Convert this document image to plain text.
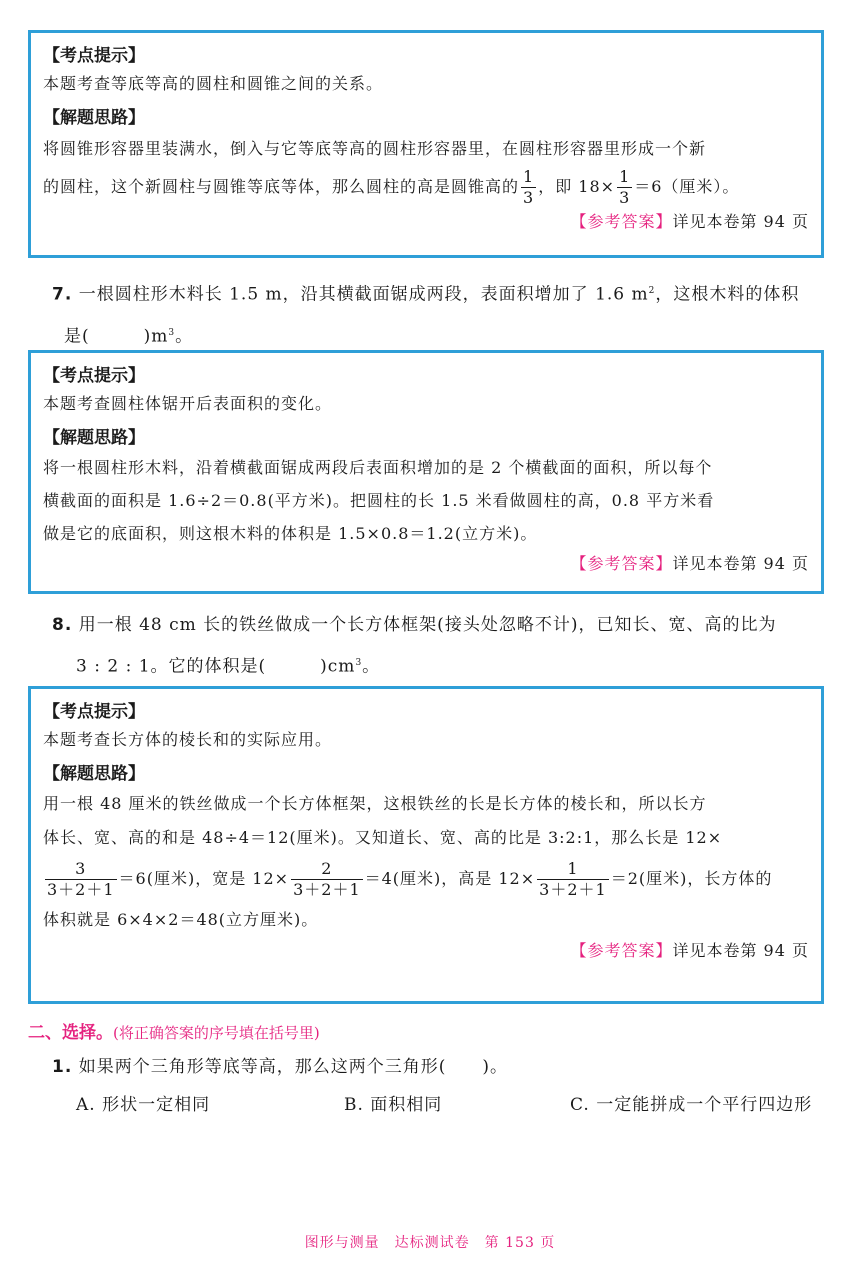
【考点提示】
本题考查等底等高的圆柱和圆锥之间的关系。
【解题思路】
将圆锥形容器里装满水，倒入与它等底等高的圆柱形容器里，在圆柱形容器里形成一个新
的圆柱，这个新圆柱与圆锥等底等体，那么圆柱的高是圆锥高的 $\frac{1}{3}$ ，即 $18\times \frac{1}{3} =6$（厘米）。
【参考答案】详见本卷第 94 页
7. 一根圆柱形木料长 1.5 m，沿其横截面锯成两段，表面积增加了 1.6 $m^2$，这根木料的体积
是(　　　)$m^3$。
【考点提示】
本题考查圆柱体锯开后表面积的变化。
【解题思路】
将一根圆柱形木料，沿着横截面锯成两段后表面积增加的是 2 个横截面的面积，所以每个
横截面的面积是 1.6÷2＝0.8(平方米)。把圆柱的长 1.5 米看做圆柱的高，0.8 平方米看
做是它的底面积，则这根木料的体积是 1.5×0.8＝1.2(立方米)。
【参考答案】详见本卷第 94 页
8. 用一根 48 cm 长的铁丝做成一个长方体框架(接头处忽略不计)，已知长、宽、高的比为
3 : 2 : 1。它的体积是(　　　)$cm^3$。
【考点提示】
本题考查长方体的棱长和的实际应用。
【解题思路】
用一根 48 厘米的铁丝做成一个长方体框架，这根铁丝的长是长方体的棱长和，所以长方
体长、宽、高的和是 48÷4＝12(厘米)。又知道长、宽、高的比是 3:2:1，那么长是 12×
$\frac{3}{3+2+1} =6$(厘米)，宽是 $12\times \frac{2}{3+2+1} =4$(厘米)，高是 $12\times \frac{1}{3+2+1} =2$(厘米)，长方体的
体积就是 6×4×2＝48(立方厘米)。
【参考答案】详见本卷第 94 页
二、选择。(将正确答案的序号填在括号里)
1. 如果两个三角形等底等高，那么这两个三角形(　　)。
A. 形状一定相同	B. 面积相同	C. 一定能拼成一个平行四边形
图形与测量　达标测试卷　第 153 页
